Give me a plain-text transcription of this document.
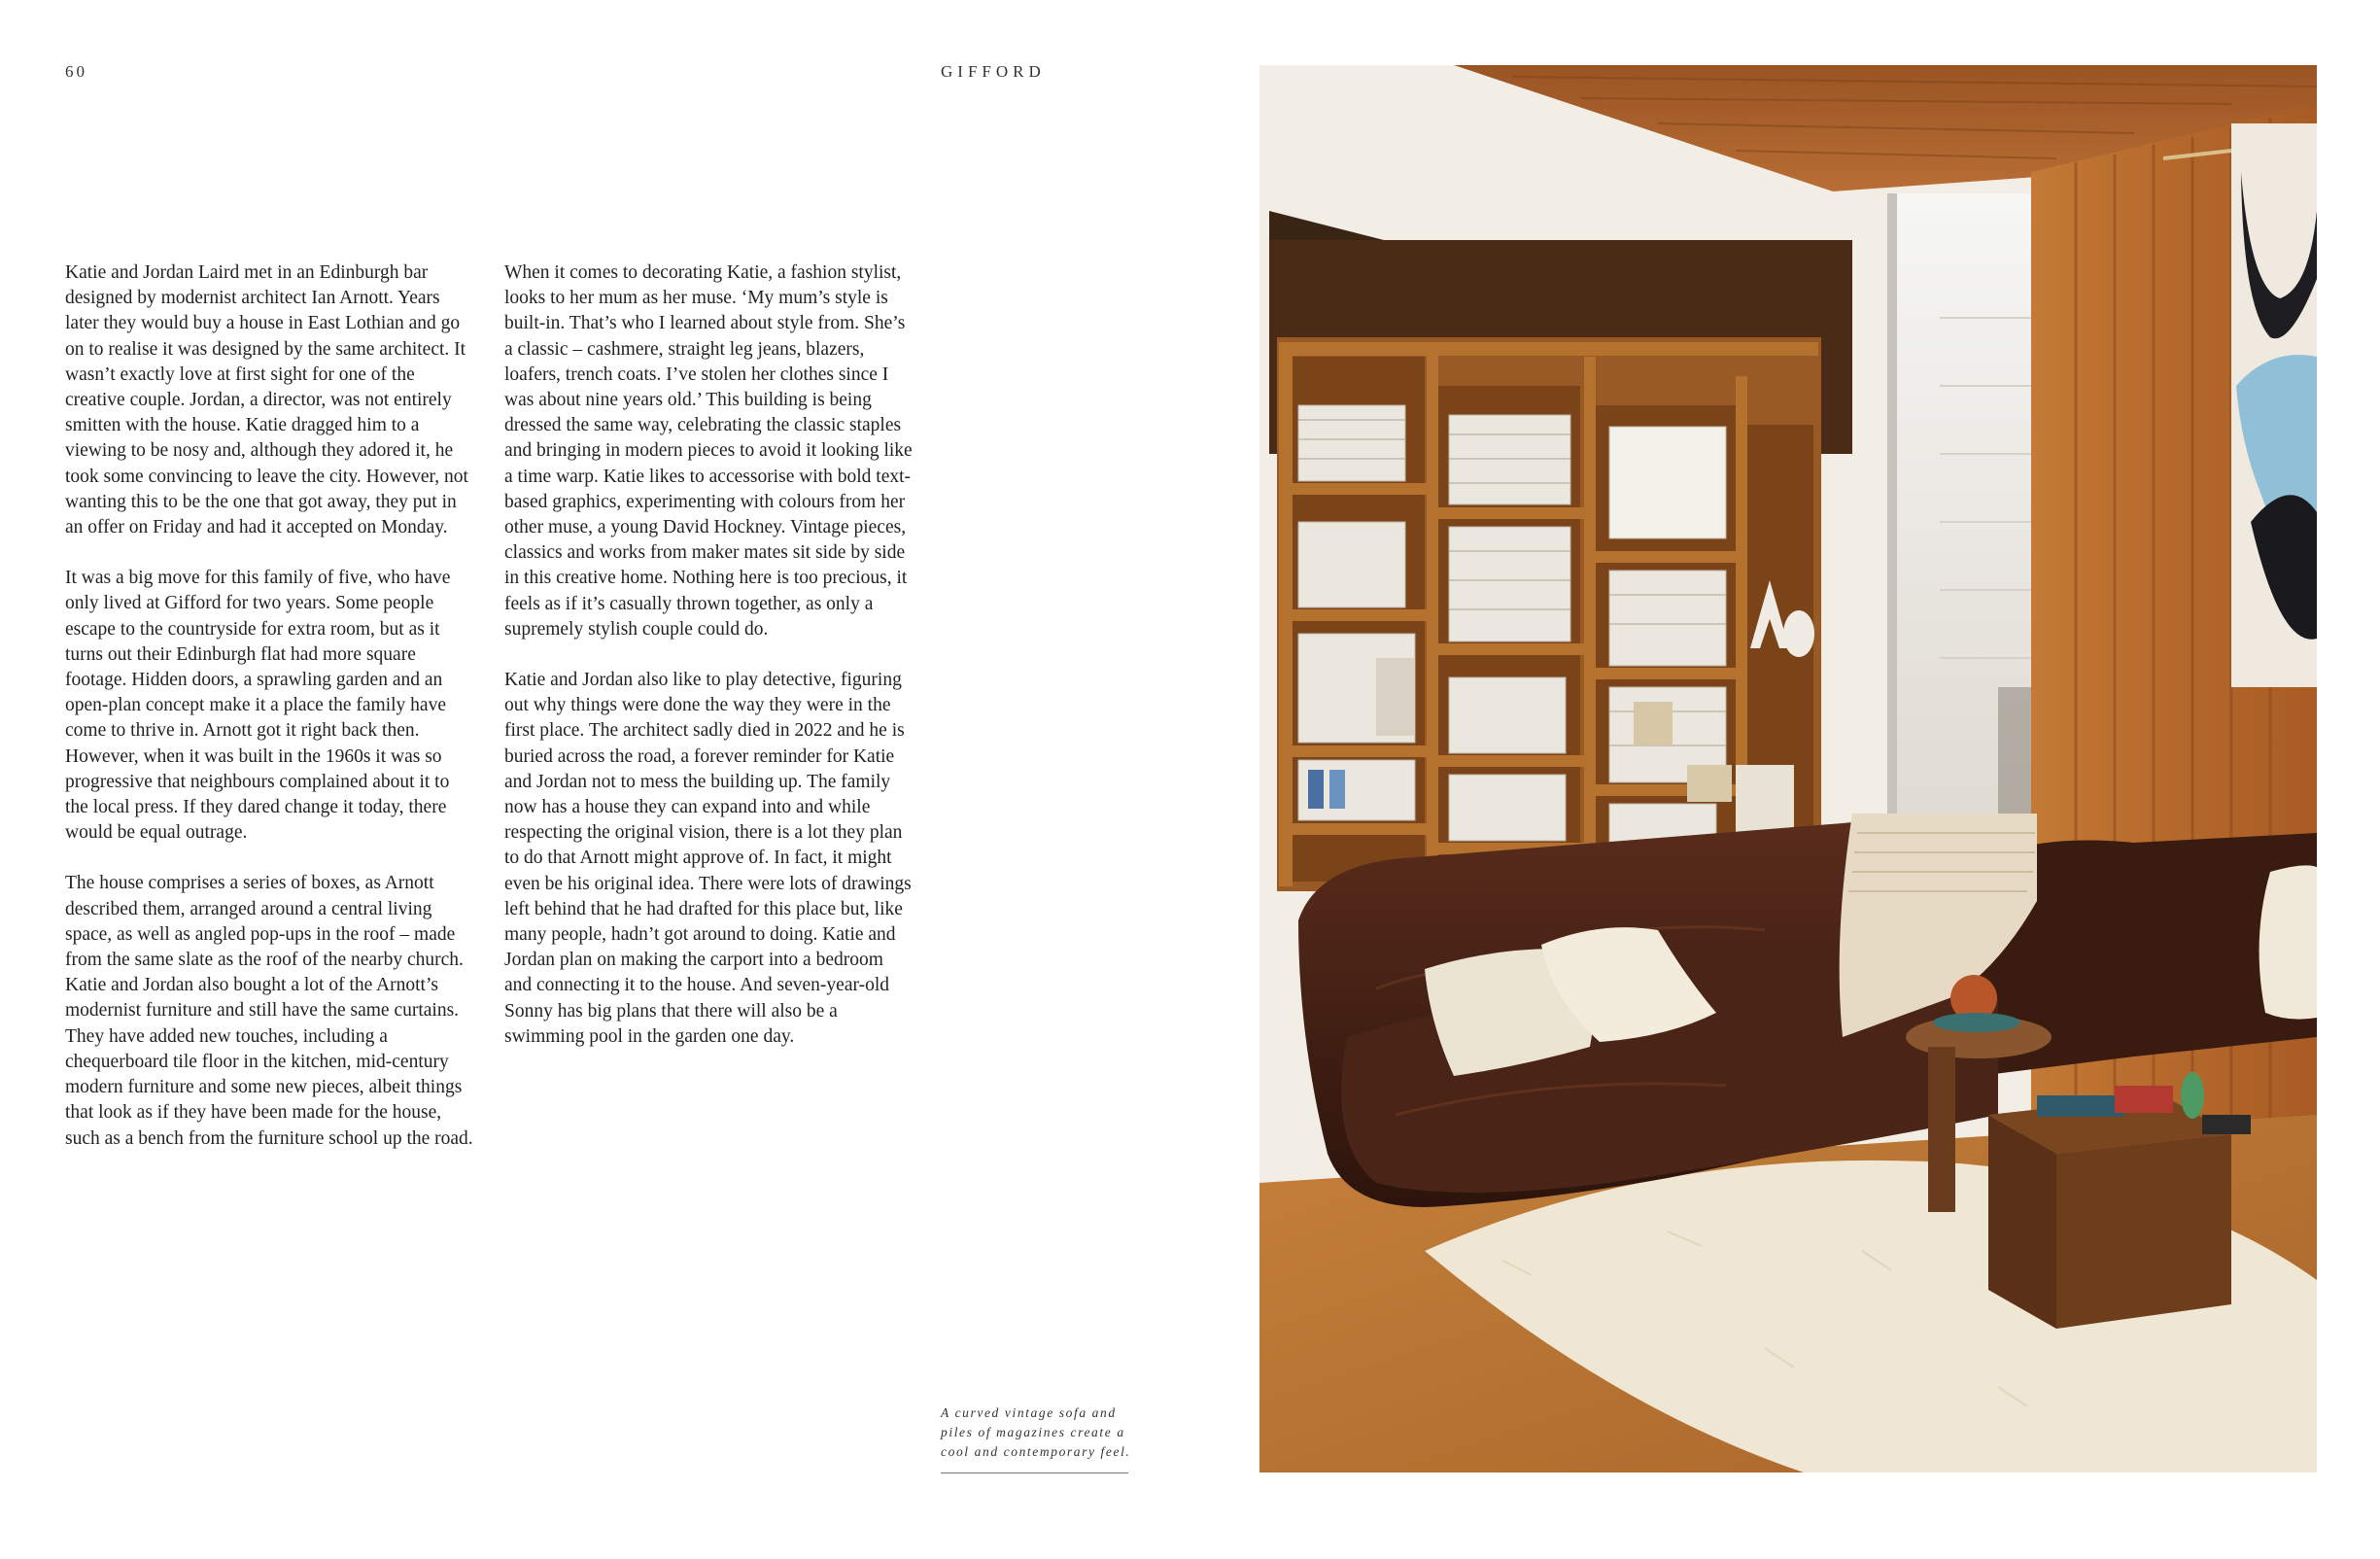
60	GIFFORD

Katie and Jordan Laird met in an Edinburgh bar designed by modernist architect Ian Arnott. Years later they would buy a house in East Lothian and go on to realise it was designed by the same architect. It wasn’t exactly love at first sight for one of the creative couple. Jordan, a director, was not entirely smitten with the house. Katie dragged him to a viewing to be nosy and, although they adored it, he took some convincing to leave the city. However, not wanting this to be the one that got away, they put in an offer on Friday and had it accepted on Monday.

It was a big move for this family of five, who have only lived at Gifford for two years. Some people escape to the countryside for extra room, but as it turns out their Edinburgh flat had more square footage. Hidden doors, a sprawling garden and an open-plan concept make it a place the family have come to thrive in. Arnott got it right back then. However, when it was built in the 1960s it was so progressive that neighbours complained about it to the local press. If they dared change it today, there would be equal outrage.

The house comprises a series of boxes, as Arnott described them, arranged around a central living space, as well as angled pop-ups in the roof – made from the same slate as the roof of the nearby church. Katie and Jordan also bought a lot of the Arnott’s modernist furniture and still have the same curtains. They have added new touches, including a chequerboard tile floor in the kitchen, mid-century modern furniture and some new pieces, albeit things that look as if they have been made for the house, such as a bench from the furniture school up the road.

When it comes to decorating Katie, a fashion stylist, looks to her mum as her muse. ‘My mum’s style is built-in. That’s who I learned about style from. She’s a classic – cashmere, straight leg jeans, blazers, loafers, trench coats. I’ve stolen her clothes since I was about nine years old.’ This building is being dressed the same way, celebrating the classic staples and bringing in modern pieces to avoid it looking like a time warp. Katie likes to accessorise with bold text-based graphics, experimenting with colours from her other muse, a young David Hockney. Vintage pieces, classics and works from maker mates sit side by side in this creative home. Nothing here is too precious, it feels as if it’s casually thrown together, as only a supremely stylish couple could do.

Katie and Jordan also like to play detective, figuring out why things were done the way they were in the first place. The architect sadly died in 2022 and he is buried across the road, a forever reminder for Katie and Jordan not to mess the building up. The family now has a house they can expand into and while respecting the original vision, there is a lot they plan to do that Arnott might approve of. In fact, it might even be his original idea. There were lots of drawings left behind that he had drafted for this place but, like many people, hadn’t got around to doing. Katie and Jordan plan on making the carport into a bedroom and connecting it to the house. And seven-year-old Sonny has big plans that there will also be a swimming pool in the garden one day.

A curved vintage sofa and piles of magazines create a cool and contemporary feel.
